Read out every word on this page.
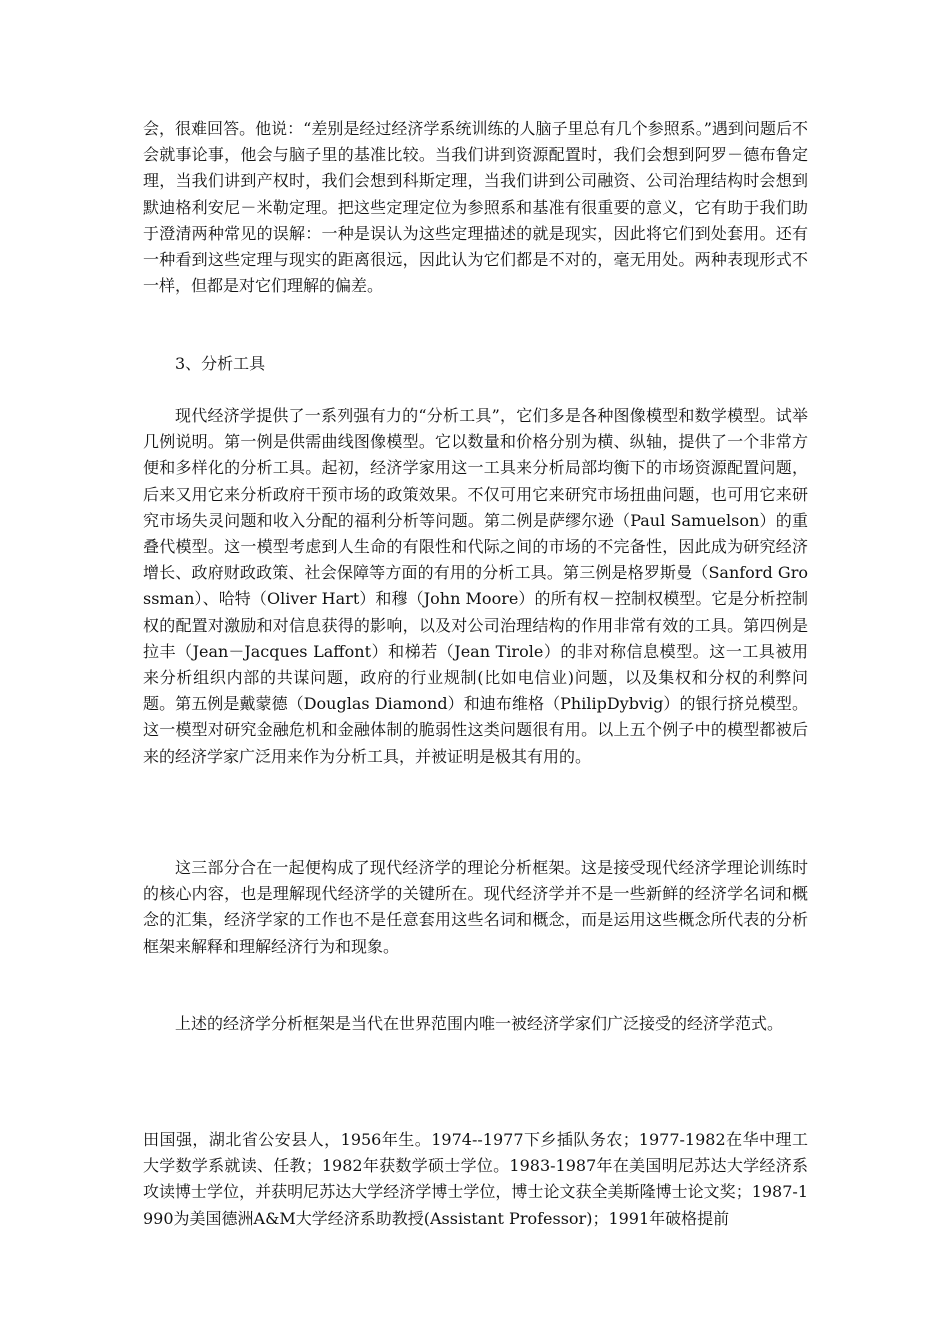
会，很难回答。他说：“差别是经过经济学系统训练的人脑子里总有几个参照系。”遇到问题后不会就事论事，他会与脑子里的基准比较。当我们讲到资源配置时，我们会想到阿罗－德布鲁定理，当我们讲到产权时，我们会想到科斯定理，当我们讲到公司融资、公司治理结构时会想到默迪格利安尼－米勒定理。把这些定理定位为参照系和基准有很重要的意义，它有助于我们助于澄清两种常见的误解：一种是误认为这些定理描述的就是现实，因此将它们到处套用。还有一种看到这些定理与现实的距离很远，因此认为它们都是不对的，毫无用处。两种表现形式不一样，但都是对它们理解的偏差。

3、分析工具

现代经济学提供了一系列强有力的“分析工具”，它们多是各种图像模型和数学模型。试举几例说明。第一例是供需曲线图像模型。它以数量和价格分别为横、纵轴，提供了一个非常方便和多样化的分析工具。起初，经济学家用这一工具来分析局部均衡下的市场资源配置问题，后来又用它来分析政府干预市场的政策效果。不仅可用它来研究市场扭曲问题，也可用它来研究市场失灵问题和收入分配的福利分析等问题。第二例是萨缪尔逊（Paul Samuelson）的重叠代模型。这一模型考虑到人生命的有限性和代际之间的市场的不完备性，因此成为研究经济增长、政府财政政策、社会保障等方面的有用的分析工具。第三例是格罗斯曼（Sanford Grossman）、哈特（Oliver Hart）和穆（John Moore）的所有权－控制权模型。它是分析控制权的配置对激励和对信息获得的影响，以及对公司治理结构的作用非常有效的工具。第四例是拉丰（Jean－Jacques Laffont）和梯若（Jean Tirole）的非对称信息模型。这一工具被用来分析组织内部的共谋问题，政府的行业规制(比如电信业)问题，以及集权和分权的利弊问题。第五例是戴蒙德（Douglas Diamond）和迪布维格（PhilipDybvig）的银行挤兑模型。这一模型对研究金融危机和金融体制的脆弱性这类问题很有用。以上五个例子中的模型都被后来的经济学家广泛用来作为分析工具，并被证明是极其有用的。

这三部分合在一起便构成了现代经济学的理论分析框架。这是接受现代经济学理论训练时的核心内容，也是理解现代经济学的关键所在。现代经济学并不是一些新鲜的经济学名词和概念的汇集，经济学家的工作也不是任意套用这些名词和概念，而是运用这些概念所代表的分析框架来解释和理解经济行为和现象。

上述的经济学分析框架是当代在世界范围内唯一被经济学家们广泛接受的经济学范式。

田国强，湖北省公安县人，1956年生。1974--1977下乡插队务农；1977-1982在华中理工大学数学系就读、任教；1982年获数学硕士学位。1983-1987年在美国明尼苏达大学经济系攻读博士学位，并获明尼苏达大学经济学博士学位，博士论文获全美斯隆博士论文奖；1987-1990为美国德洲A&M大学经济系助教授(Assistant Professor)；1991年破格提前
